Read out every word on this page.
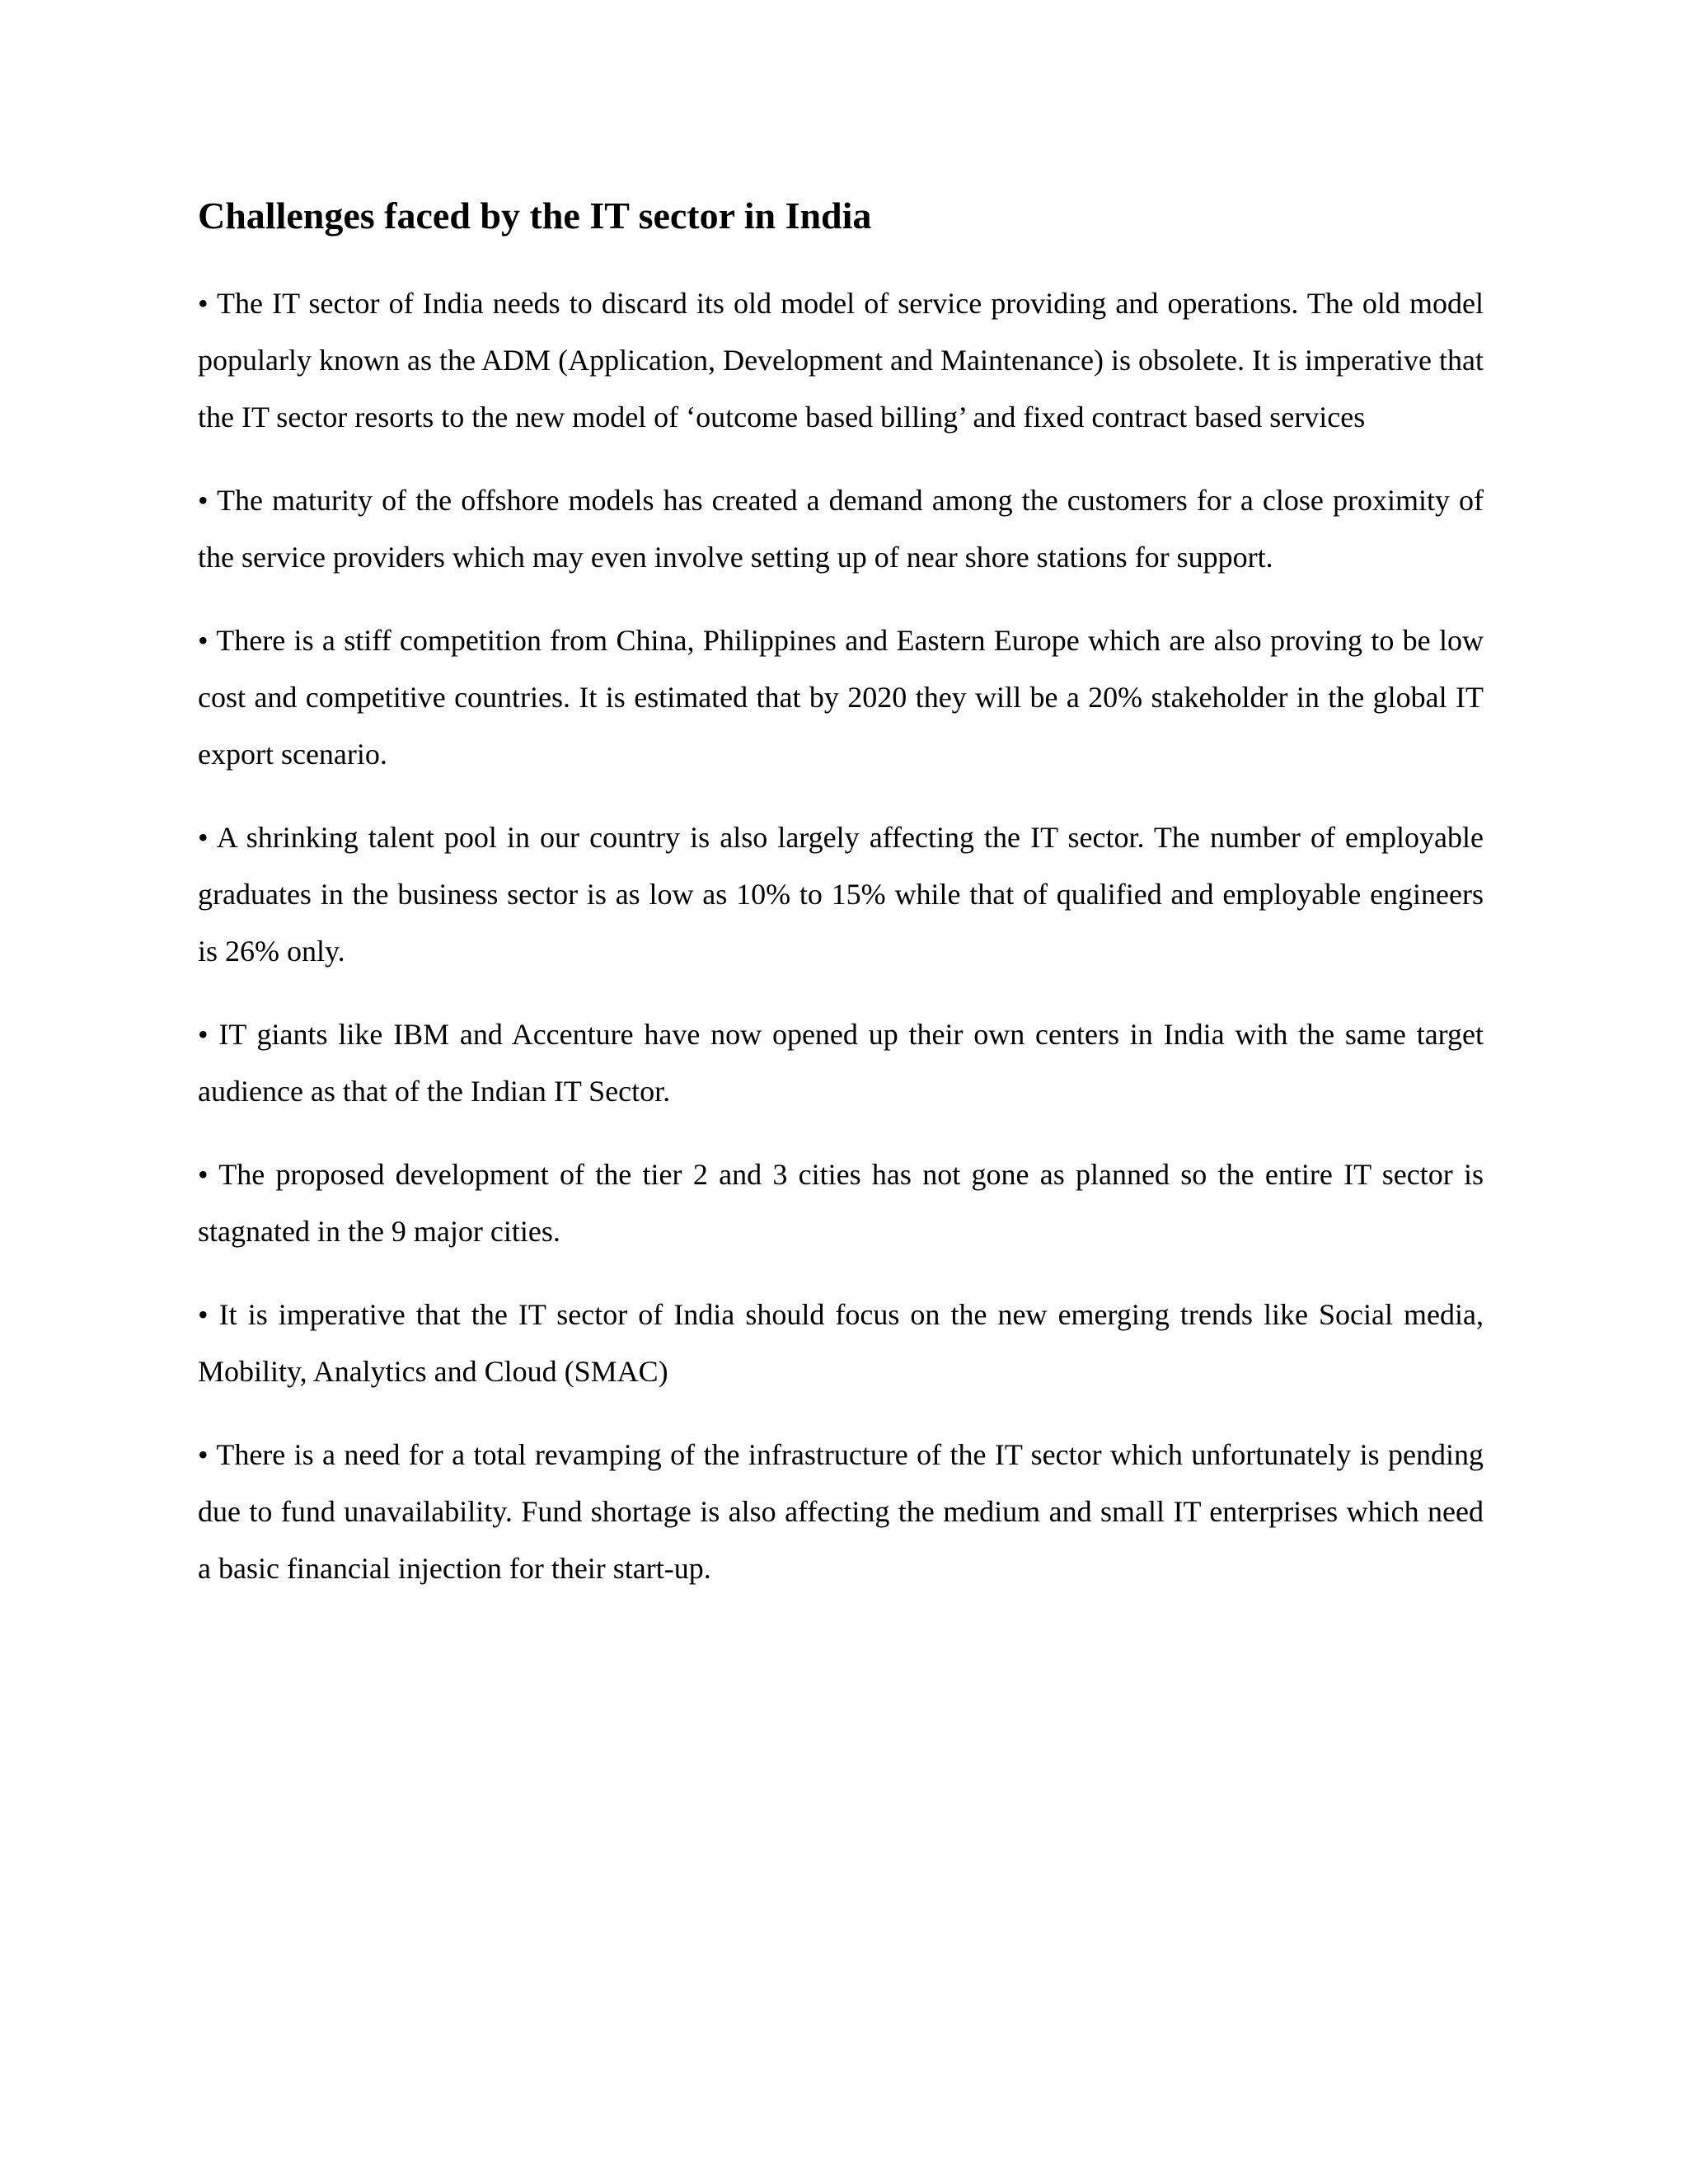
Challenges faced by the IT sector in India

• The IT sector of India needs to discard its old model of service providing and operations. The old model popularly known as the ADM (Application, Development and Maintenance) is obsolete. It is imperative that the IT sector resorts to the new model of ‘outcome based billing’ and fixed contract based services

• The maturity of the offshore models has created a demand among the customers for a close proximity of the service providers which may even involve setting up of near shore stations for support.

• There is a stiff competition from China, Philippines and Eastern Europe which are also proving to be low cost and competitive countries. It is estimated that by 2020 they will be a 20% stakeholder in the global IT export scenario.

• A shrinking talent pool in our country is also largely affecting the IT sector. The number of employable graduates in the business sector is as low as 10% to 15% while that of qualified and employable engineers is 26% only.

• IT giants like IBM and Accenture have now opened up their own centers in India with the same target audience as that of the Indian IT Sector.

• The proposed development of the tier 2 and 3 cities has not gone as planned so the entire IT sector is stagnated in the 9 major cities.

• It is imperative that the IT sector of India should focus on the new emerging trends like Social media, Mobility, Analytics and Cloud (SMAC)

• There is a need for a total revamping of the infrastructure of the IT sector which unfortunately is pending due to fund unavailability. Fund shortage is also affecting the medium and small IT enterprises which need a basic financial injection for their start-up.
